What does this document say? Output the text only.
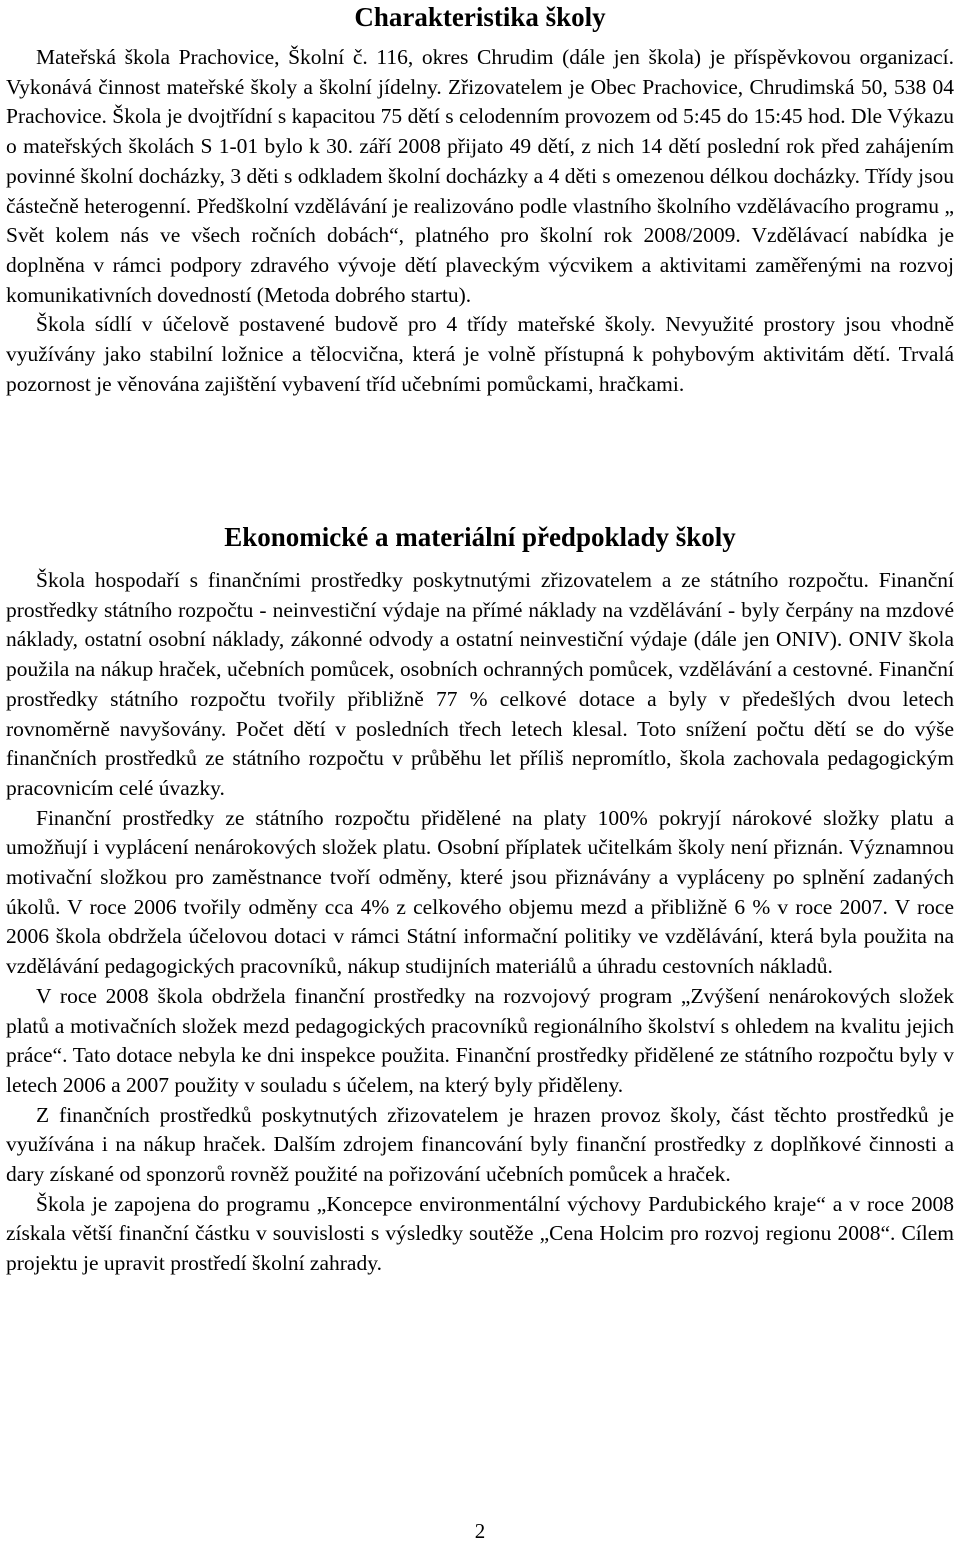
Charakteristika školy

Mateřská škola Prachovice, Školní č. 116, okres Chrudim (dále jen škola) je příspěvkovou organizací. Vykonává činnost mateřské školy a školní jídelny. Zřizovatelem je Obec Prachovice, Chrudimská 50, 538 04 Prachovice. Škola je dvojtřídní s kapacitou 75 dětí s celodenním provozem od 5:45 do 15:45 hod. Dle Výkazu o mateřských školách S 1-01 bylo k 30. září 2008 přijato 49 dětí, z nich 14 dětí poslední rok před zahájením povinné školní docházky, 3 děti s odkladem školní docházky a 4 děti s omezenou délkou docházky. Třídy jsou částečně heterogenní. Předškolní vzdělávání je realizováno podle vlastního školního vzdělávacího programu „ Svět kolem nás ve všech ročních dobách“, platného pro školní rok 2008/2009. Vzdělávací nabídka je doplněna v rámci podpory zdravého vývoje dětí plaveckým výcvikem a aktivitami zaměřenými na rozvoj komunikativních dovedností (Metoda dobrého startu).

Škola sídlí v účelově postavené budově pro 4 třídy mateřské školy. Nevyužité prostory jsou vhodně využívány jako stabilní ložnice a tělocvična, která je volně přístupná k pohybovým aktivitám dětí. Trvalá pozornost je věnována zajištění vybavení tříd učebními pomůckami, hračkami.

Ekonomické a materiální předpoklady školy

Škola hospodaří s finančními prostředky poskytnutými zřizovatelem a ze státního rozpočtu. Finanční prostředky státního rozpočtu - neinvestiční výdaje na přímé náklady na vzdělávání - byly čerpány na mzdové náklady, ostatní osobní náklady, zákonné odvody a ostatní neinvestiční výdaje (dále jen ONIV). ONIV škola použila na nákup hraček, učebních pomůcek, osobních ochranných pomůcek, vzdělávání a cestovné. Finanční prostředky státního rozpočtu tvořily přibližně 77 % celkové dotace a byly v předešlých dvou letech rovnoměrně navyšovány. Počet dětí v posledních třech letech klesal. Toto snížení počtu dětí se do výše finančních prostředků ze státního rozpočtu v průběhu let příliš nepromítlo, škola zachovala pedagogickým pracovnicím celé úvazky.

Finanční prostředky ze státního rozpočtu přidělené na platy 100% pokryjí nárokové složky platu a umožňují i vyplácení nenárokových složek platu. Osobní příplatek učitelkám školy není přiznán. Významnou motivační složkou pro zaměstnance tvoří odměny, které jsou přiznávány a vypláceny po splnění zadaných úkolů. V roce 2006 tvořily odměny cca 4% z celkového objemu mezd a přibližně 6 % v roce 2007. V roce 2006 škola obdržela účelovou dotaci v rámci Státní informační politiky ve vzdělávání, která byla použita na vzdělávání pedagogických pracovníků, nákup studijních materiálů a úhradu cestovních nákladů.

V roce 2008 škola obdržela finanční prostředky na rozvojový program „Zvýšení nenárokových složek platů a motivačních složek mezd pedagogických pracovníků regionálního školství s ohledem na kvalitu jejich práce“. Tato dotace nebyla ke dni inspekce použita. Finanční prostředky přidělené ze státního rozpočtu byly v letech 2006 a 2007 použity v souladu s účelem, na který byly přiděleny.

Z finančních prostředků poskytnutých zřizovatelem je hrazen provoz školy, část těchto prostředků je využívána i na nákup hraček. Dalším zdrojem financování byly finanční prostředky z doplňkové činnosti a dary získané od sponzorů rovněž použité na pořizování učebních pomůcek a hraček.

Škola je zapojena do programu „Koncepce environmentální výchovy Pardubického kraje“ a v roce 2008 získala větší finanční částku v souvislosti s výsledky soutěže „Cena Holcim pro rozvoj regionu 2008“. Cílem projektu je upravit prostředí školní zahrady.

2
